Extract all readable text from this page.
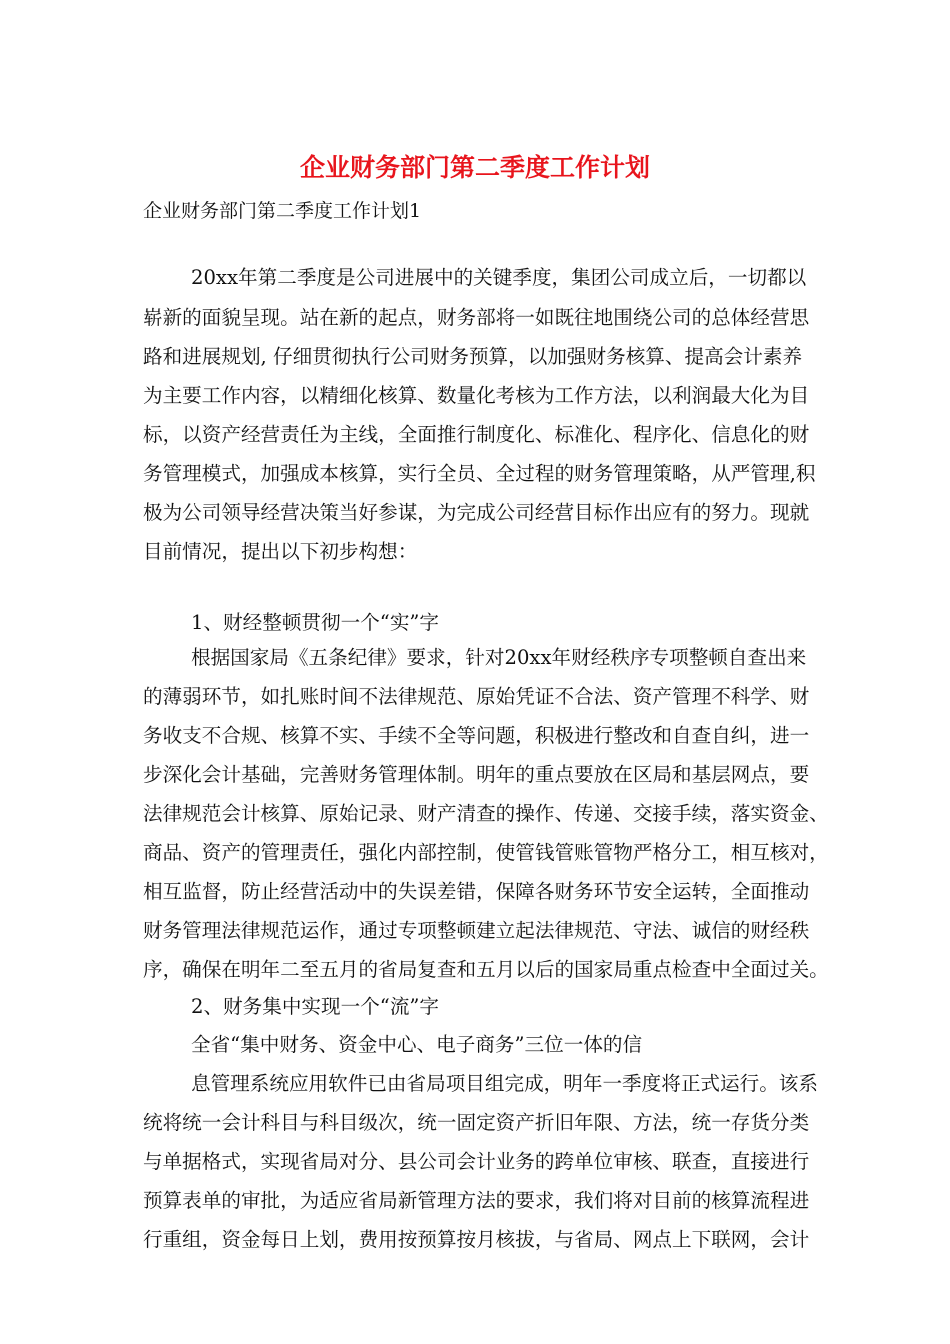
企业财务部门第二季度工作计划

企业财务部门第二季度工作计划1

20xx年第二季度是公司进展中的关键季度，集团公司成立后，一切都以

崭新的面貌呈现。站在新的起点，财务部将一如既往地围绕公司的总体经营思

路和进展规划, 仔细贯彻执行公司财务预算，以加强财务核算、提高会计素养

为主要工作内容，以精细化核算、数量化考核为工作方法，以利润最大化为目

标，以资产经营责任为主线，全面推行制度化、标准化、程序化、信息化的财

务管理模式，加强成本核算，实行全员、全过程的财务管理策略，从严管理,积

极为公司领导经营决策当好参谋，为完成公司经营目标作出应有的努力。现就

目前情况，提出以下初步构想：

1、财经整顿贯彻一个“实”字

根据国家局《五条纪律》要求，针对20xx年财经秩序专项整顿自查出来

的薄弱环节，如扎账时间不法律规范、原始凭证不合法、资产管理不科学、财

务收支不合规、核算不实、手续不全等问题，积极进行整改和自查自纠，进一

步深化会计基础，完善财务管理体制。明年的重点要放在区局和基层网点，要

法律规范会计核算、原始记录、财产清查的操作、传递、交接手续，落实资金、

商品、资产的管理责任，强化内部控制，使管钱管账管物严格分工，相互核对，

相互监督，防止经营活动中的失误差错，保障各财务环节安全运转，全面推动

财务管理法律规范运作，通过专项整顿建立起法律规范、守法、诚信的财经秩

序，确保在明年二至五月的省局复查和五月以后的国家局重点检查中全面过关。

2、财务集中实现一个“流”字

全省“集中财务、资金中心、电子商务”三位一体的信

息管理系统应用软件已由省局项目组完成，明年一季度将正式运行。该系

统将统一会计科目与科目级次，统一固定资产折旧年限、方法，统一存货分类

与单据格式，实现省局对分、县公司会计业务的跨单位审核、联查，直接进行

预算表单的审批，为适应省局新管理方法的要求，我们将对目前的核算流程进

行重组，资金每日上划，费用按预算按月核拔，与省局、网点上下联网，会计
